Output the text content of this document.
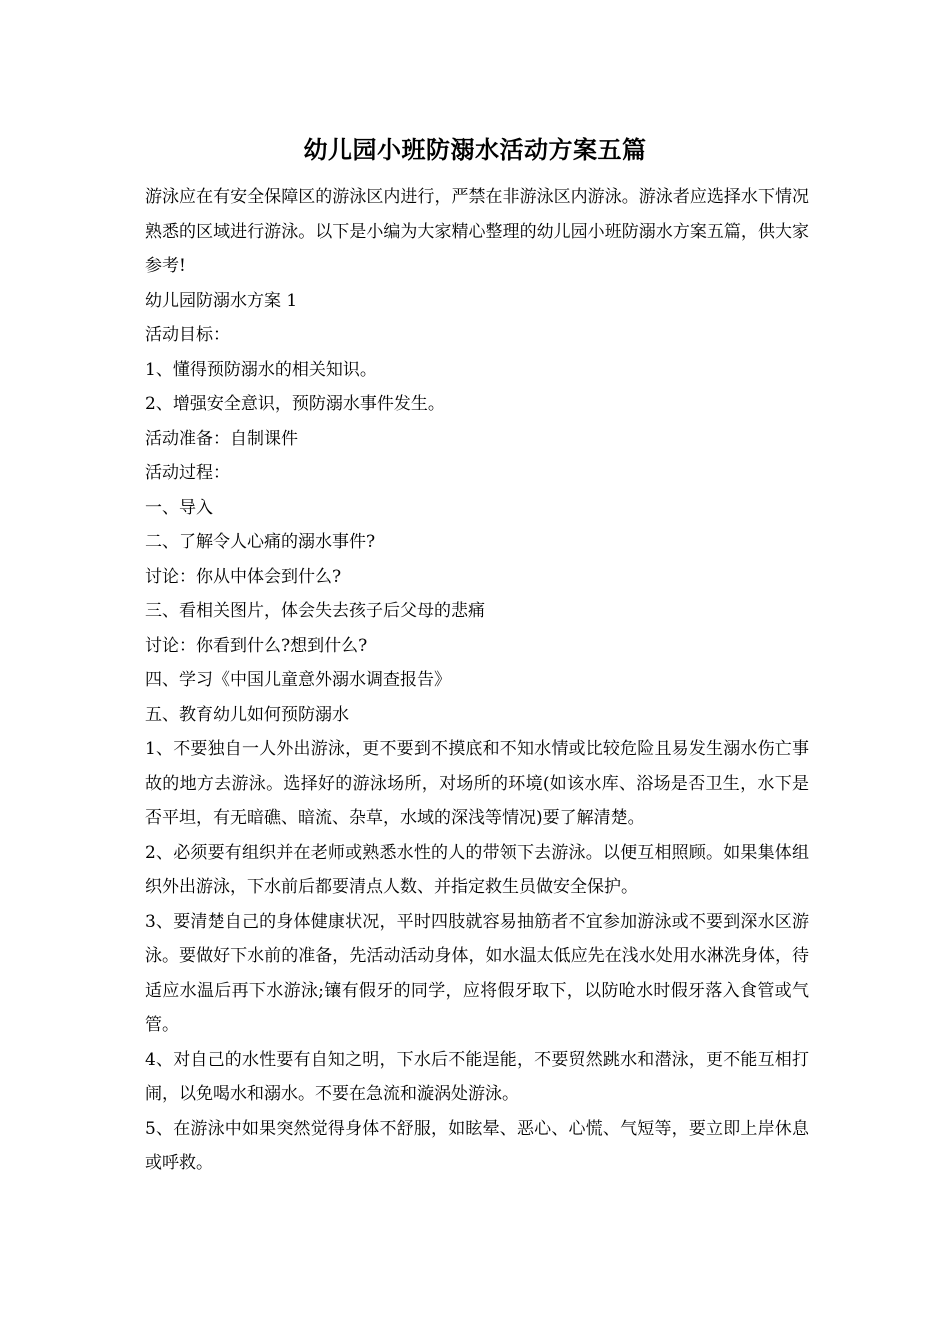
幼儿园小班防溺水活动方案五篇

游泳应在有安全保障区的游泳区内进行，严禁在非游泳区内游泳。游泳者应选择水下情况熟悉的区域进行游泳。以下是小编为大家精心整理的幼儿园小班防溺水方案五篇，供大家参考!

幼儿园防溺水方案 1

活动目标：

1、懂得预防溺水的相关知识。

2、增强安全意识，预防溺水事件发生。

活动准备：自制课件

活动过程：

一、导入

二、了解令人心痛的溺水事件?

讨论：你从中体会到什么?

三、看相关图片，体会失去孩子后父母的悲痛

讨论：你看到什么?想到什么?

四、学习《中国儿童意外溺水调查报告》

五、教育幼儿如何预防溺水

1、不要独自一人外出游泳，更不要到不摸底和不知水情或比较危险且易发生溺水伤亡事故的地方去游泳。选择好的游泳场所，对场所的环境(如该水库、浴场是否卫生，水下是否平坦，有无暗礁、暗流、杂草，水域的深浅等情况)要了解清楚。

2、必须要有组织并在老师或熟悉水性的人的带领下去游泳。以便互相照顾。如果集体组织外出游泳，下水前后都要清点人数、并指定救生员做安全保护。

3、要清楚自己的身体健康状况，平时四肢就容易抽筋者不宜参加游泳或不要到深水区游泳。要做好下水前的准备，先活动活动身体，如水温太低应先在浅水处用水淋洗身体，待适应水温后再下水游泳;镶有假牙的同学，应将假牙取下，以防呛水时假牙落入食管或气管。

4、对自己的水性要有自知之明，下水后不能逞能，不要贸然跳水和潜泳，更不能互相打闹，以免喝水和溺水。不要在急流和漩涡处游泳。

5、在游泳中如果突然觉得身体不舒服，如眩晕、恶心、心慌、气短等，要立即上岸休息或呼救。
